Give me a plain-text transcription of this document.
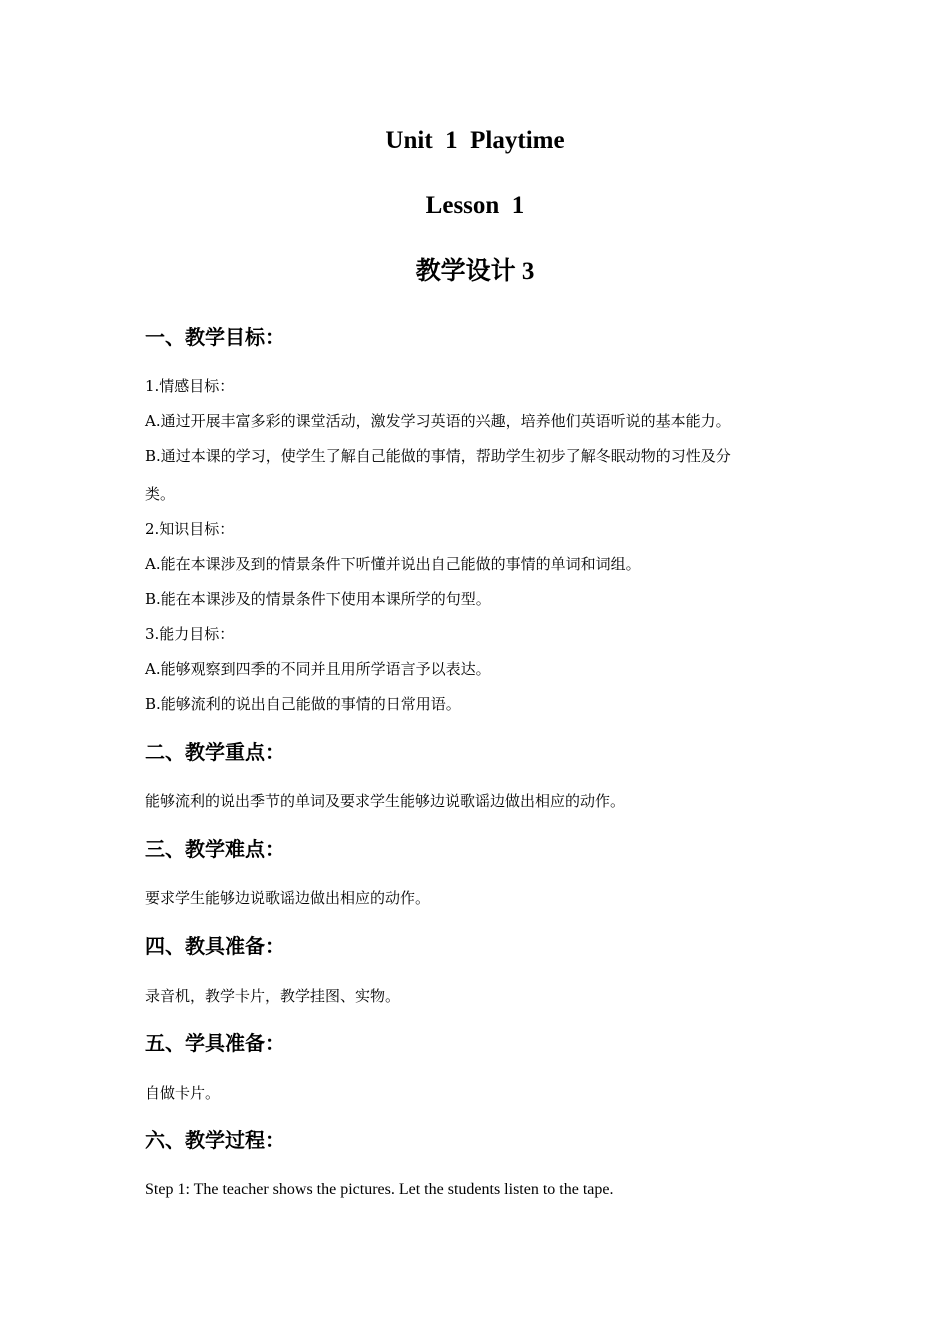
Unit  1  Playtime
Lesson  1
教学设计 3
一、教学目标：

1.情感目标：

A.通过开展丰富多彩的课堂活动，激发学习英语的兴趣，培养他们英语听说的基本能力。

B.通过本课的学习，使学生了解自己能做的事情，帮助学生初步了解冬眠动物的习性及分

类。

2.知识目标：

A.能在本课涉及到的情景条件下听懂并说出自己能做的事情的单词和词组。

B.能在本课涉及的情景条件下使用本课所学的句型。

3.能力目标：

A.能够观察到四季的不同并且用所学语言予以表达。

B.能够流利的说出自己能做的事情的日常用语。

二、教学重点：

能够流利的说出季节的单词及要求学生能够边说歌谣边做出相应的动作。

三、教学难点：

要求学生能够边说歌谣边做出相应的动作。

四、教具准备：

录音机，教学卡片，教学挂图、实物。

五、学具准备：

自做卡片。

六、教学过程：

Step 1: The teacher shows the pictures. Let the students listen to the tape.
